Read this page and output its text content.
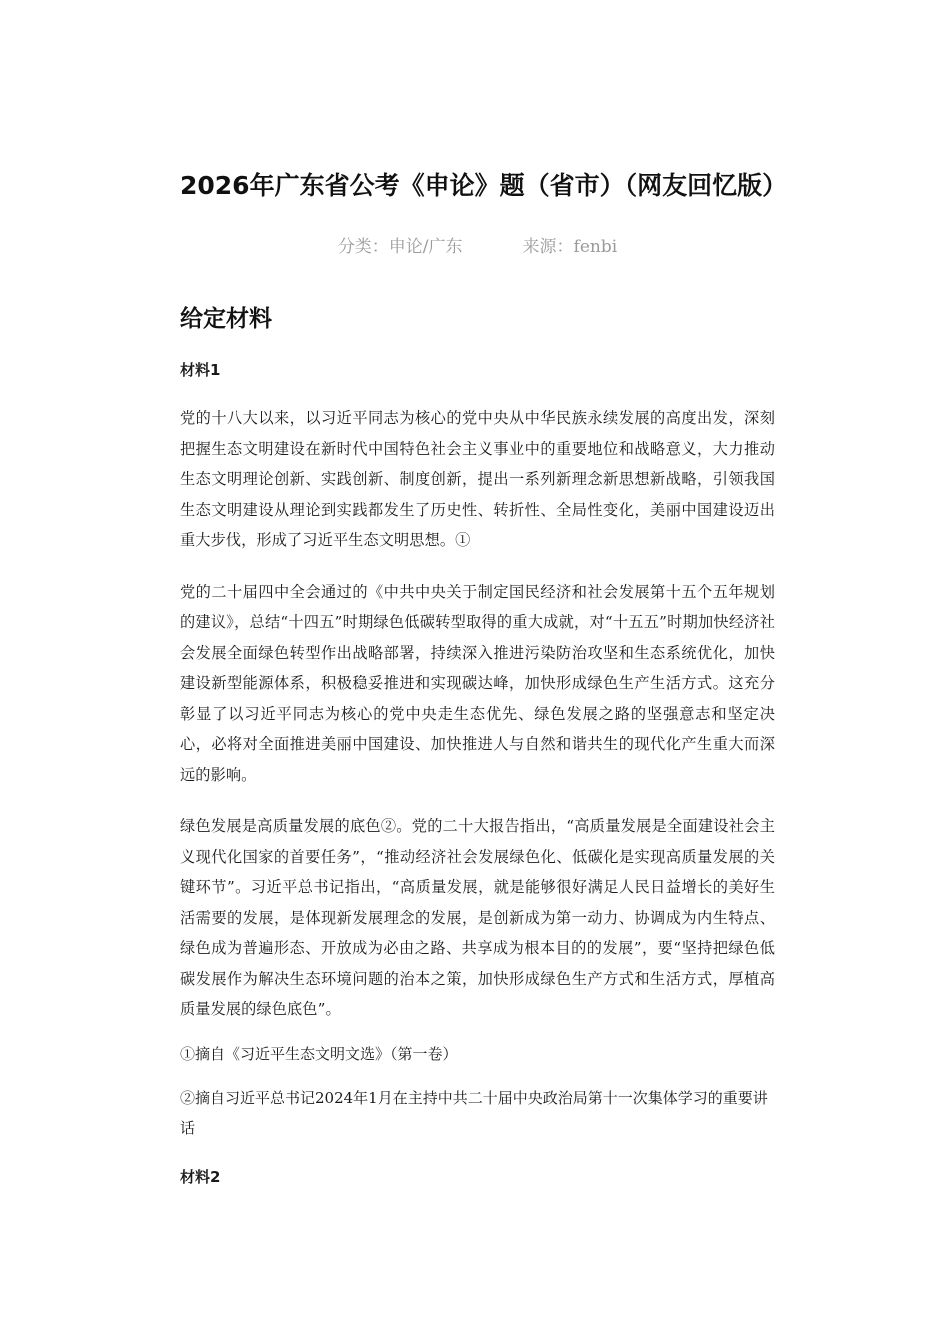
2026年广东省公考《申论》题（省市）（网友回忆版）
分类：申论/广东	来源：fenbi
给定材料
材料1

党的十八大以来，以习近平同志为核心的党中央从中华民族永续发展的高度出发，深刻把握生态文明建设在新时代中国特色社会主义事业中的重要地位和战略意义，大力推动生态文明理论创新、实践创新、制度创新，提出一系列新理念新思想新战略，引领我国生态文明建设从理论到实践都发生了历史性、转折性、全局性变化，美丽中国建设迈出重大步伐，形成了习近平生态文明思想。①

党的二十届四中全会通过的《中共中央关于制定国民经济和社会发展第十五个五年规划的建议》，总结“十四五”时期绿色低碳转型取得的重大成就，对“十五五”时期加快经济社会发展全面绿色转型作出战略部署，持续深入推进污染防治攻坚和生态系统优化，加快建设新型能源体系，积极稳妥推进和实现碳达峰，加快形成绿色生产生活方式。这充分彰显了以习近平同志为核心的党中央走生态优先、绿色发展之路的坚强意志和坚定决心，必将对全面推进美丽中国建设、加快推进人与自然和谐共生的现代化产生重大而深远的影响。

绿色发展是高质量发展的底色②。党的二十大报告指出，“高质量发展是全面建设社会主义现代化国家的首要任务”，“推动经济社会发展绿色化、低碳化是实现高质量发展的关键环节”。习近平总书记指出，“高质量发展，就是能够很好满足人民日益增长的美好生活需要的发展，是体现新发展理念的发展，是创新成为第一动力、协调成为内生特点、绿色成为普遍形态、开放成为必由之路、共享成为根本目的的发展”，要“坚持把绿色低碳发展作为解决生态环境问题的治本之策，加快形成绿色生产方式和生活方式，厚植高质量发展的绿色底色”。

①摘自《习近平生态文明文选》（第一卷）

②摘自习近平总书记2024年1月在主持中共二十届中央政治局第十一次集体学习的重要讲话

材料2
